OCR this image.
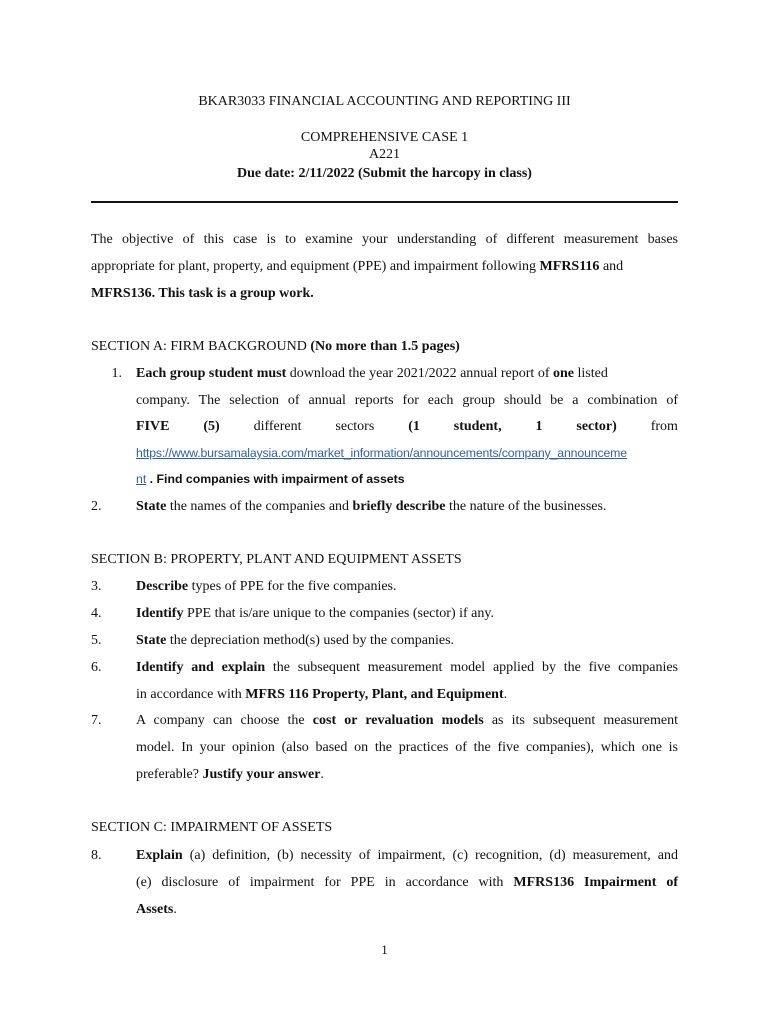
BKAR3033 FINANCIAL ACCOUNTING AND REPORTING III
COMPREHENSIVE CASE 1
A221
Due date: 2/11/2022 (Submit the harcopy in class)
The objective of this case is to examine your understanding of different measurement bases
appropriate for plant, property, and equipment (PPE) and impairment following MFRS116 and
MFRS136. This task is a group work.
SECTION A: FIRM BACKGROUND (No more than 1.5 pages)
1. Each group student must download the year 2021/2022 annual report of one listed
company. The selection of annual reports for each group should be a combination of
FIVE (5) different sectors (1 student, 1 sector) from
https://www.bursamalaysia.com/market_information/announcements/company_announceme
nt . Find companies with impairment of assets
2.	State the names of the companies and briefly describe the nature of the businesses.
SECTION B: PROPERTY, PLANT AND EQUIPMENT ASSETS
3.	Describe types of PPE for the five companies.
4.	Identify PPE that is/are unique to the companies (sector) if any.
5.	State the depreciation method(s) used by the companies.
6.	Identify and explain the subsequent measurement model applied by the five companies
in accordance with MFRS 116 Property, Plant, and Equipment.
7.	A company can choose the cost or revaluation models as its subsequent measurement
model. In your opinion (also based on the practices of the five companies), which one is
preferable? Justify your answer.
SECTION C: IMPAIRMENT OF ASSETS
8.	Explain (a) definition, (b) necessity of impairment, (c) recognition, (d) measurement, and
(e) disclosure of impairment for PPE in accordance with MFRS136 Impairment of
Assets.
1
